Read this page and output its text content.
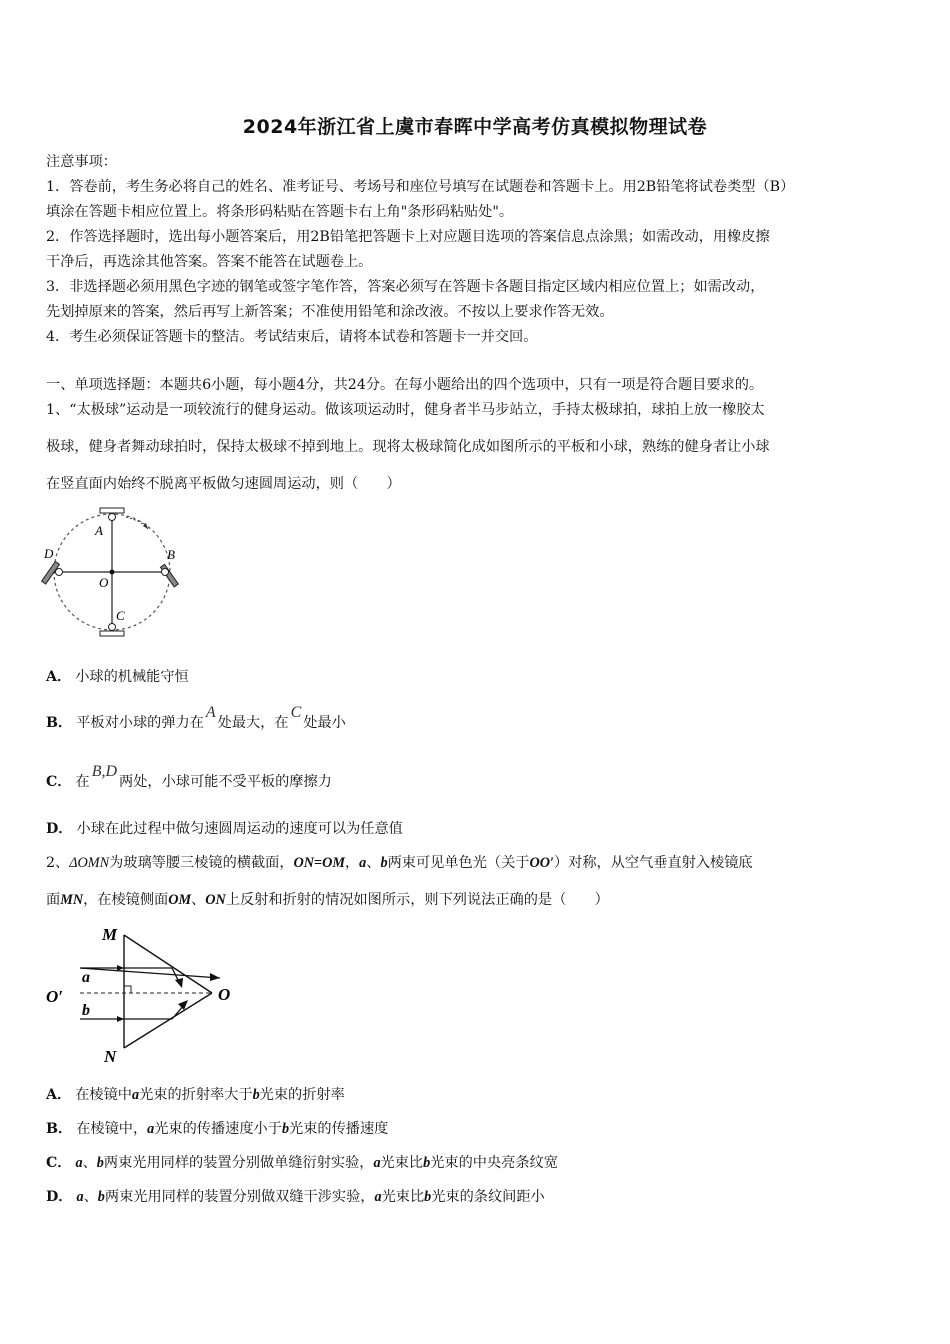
2024年浙江省上虞市春晖中学高考仿真模拟物理试卷
注意事项：
1．答卷前，考生务必将自己的姓名、准考证号、考场号和座位号填写在试题卷和答题卡上。用2B铅笔将试卷类型（B）
填涂在答题卡相应位置上。将条形码粘贴在答题卡右上角"条形码粘贴处"。
2．作答选择题时，选出每小题答案后，用2B铅笔把答题卡上对应题目选项的答案信息点涂黑；如需改动，用橡皮擦
干净后，再选涂其他答案。答案不能答在试题卷上。
3．非选择题必须用黑色字迹的钢笔或签字笔作答，答案必须写在答题卡各题目指定区域内相应位置上；如需改动，
先划掉原来的答案，然后再写上新答案；不准使用铅笔和涂改液。不按以上要求作答无效。
4．考生必须保证答题卡的整洁。考试结束后，请将本试卷和答题卡一并交回。
一、单项选择题：本题共6小题，每小题4分，共24分。在每小题给出的四个选项中，只有一项是符合题目要求的。
1、“太极球”运动是一项较流行的健身运动。做该项运动时，健身者半马步站立，手持太极球拍，球拍上放一橡胶太
极球，健身者舞动球拍时，保持太极球不掉到地上。现将太极球简化成如图所示的平板和小球，熟练的健身者让小球
在竖直面内始终不脱离平板做匀速圆周运动，则（　　）
A
B
C
D
O
A． 小球的机械能守恒
B． 平板对小球的弹力在A处最大，在C处最小
C． 在B,D两处，小球可能不受平板的摩擦力
D． 小球在此过程中做匀速圆周运动的速度可以为任意值
2、ΔOMN为玻璃等腰三棱镜的横截面，ON=OM，a、b两束可见单色光（关于OO′）对称，从空气垂直射入棱镜底
面MN，在棱镜侧面OM、ON上反射和折射的情况如图所示，则下列说法正确的是（　　）
M
N
O
O′
a
b
A． 在棱镜中a光束的折射率大于b光束的折射率
B． 在棱镜中，a光束的传播速度小于b光束的传播速度
C． a、b两束光用同样的装置分别做单缝衍射实验，a光束比b光束的中央亮条纹宽
D． a、b两束光用同样的装置分别做双缝干涉实验，a光束比b光束的条纹间距小
